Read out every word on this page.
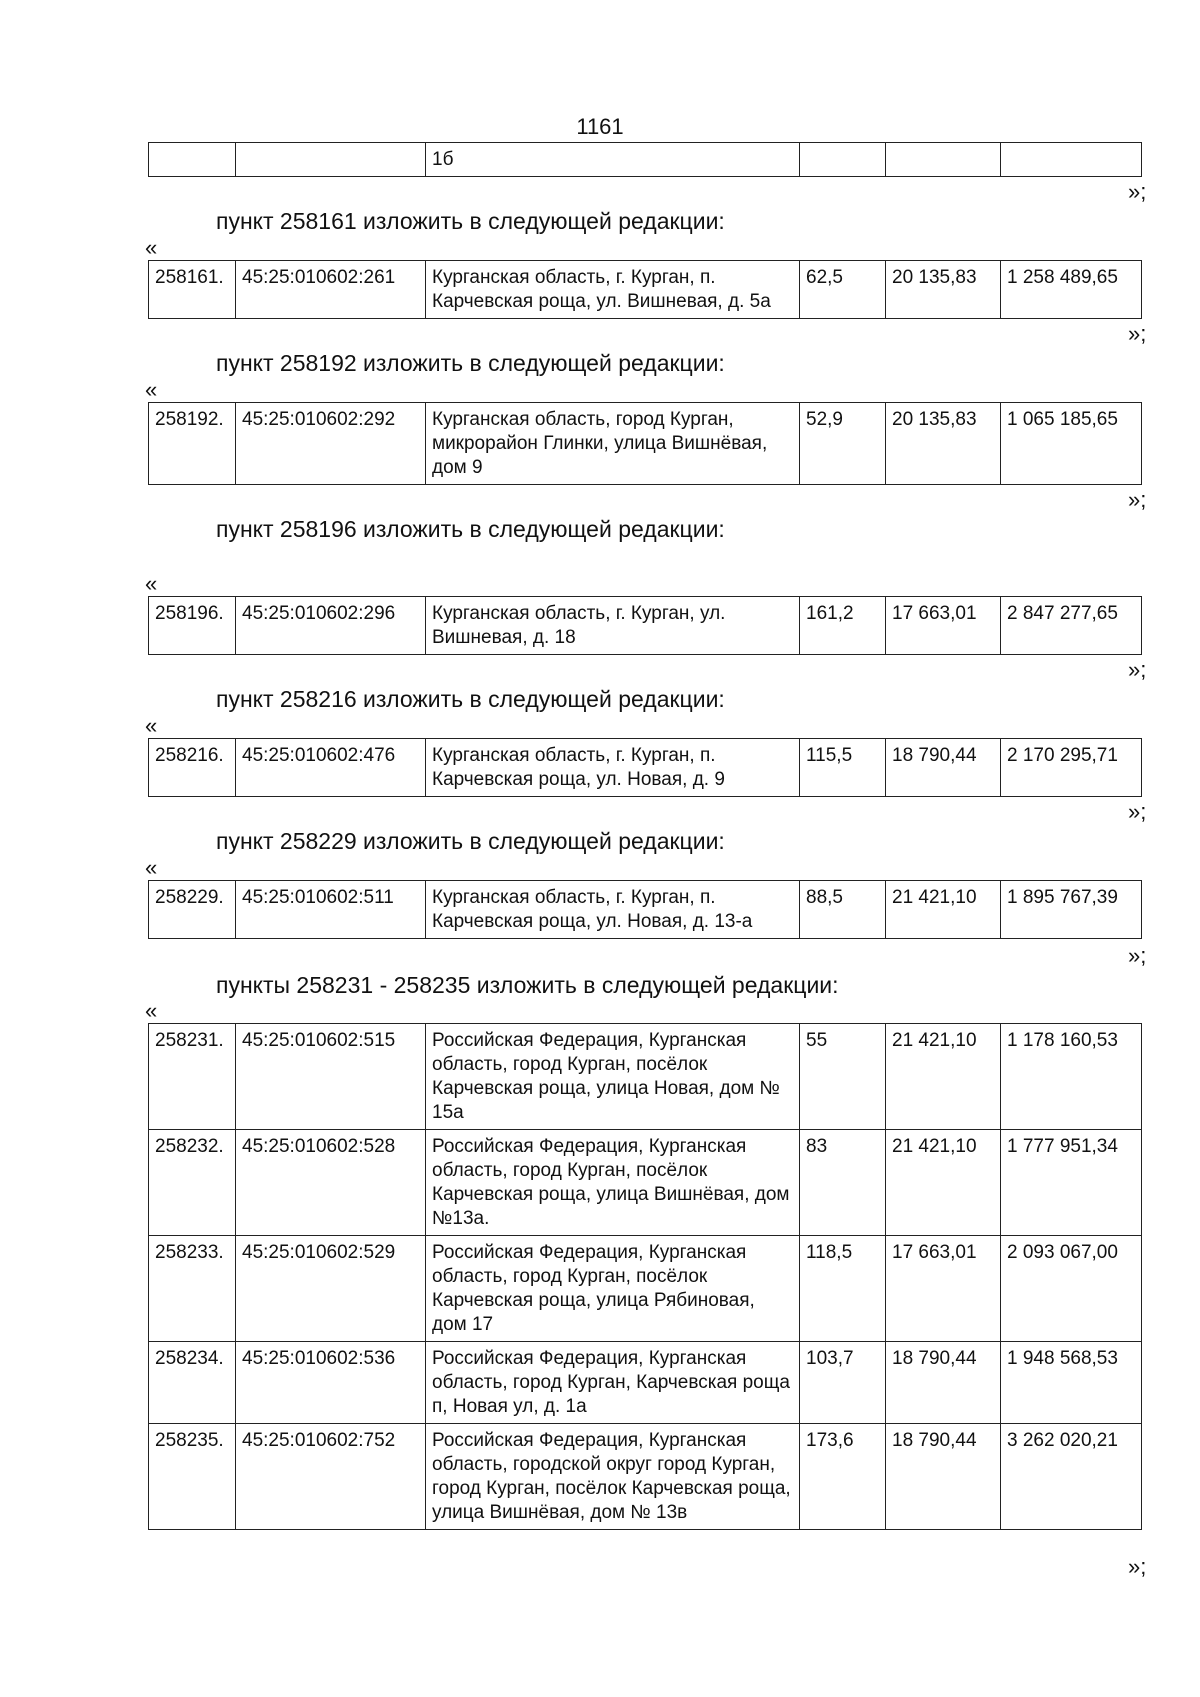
1161
		1б			
»;
пункт 258161 изложить в следующей редакции:
«
258161.	45:25:010602:261	Курганская область, г. Курган, п. Карчевская роща, ул. Вишневая, д. 5а	62,5	20 135,83	1 258 489,65
»;
пункт 258192 изложить в следующей редакции:
«
258192.	45:25:010602:292	Курганская область, город Курган, микрорайон Глинки, улица Вишнёвая, дом 9	52,9	20 135,83	1 065 185,65
»;
пункт 258196 изложить в следующей редакции:
«
258196.	45:25:010602:296	Курганская область, г. Курган, ул. Вишневая, д. 18	161,2	17 663,01	2 847 277,65
»;
пункт 258216 изложить в следующей редакции:
«
258216.	45:25:010602:476	Курганская область, г. Курган, п. Карчевская роща, ул. Новая, д. 9	115,5	18 790,44	2 170 295,71
»;
пункт 258229 изложить в следующей редакции:
«
258229.	45:25:010602:511	Курганская область, г. Курган, п. Карчевская роща, ул. Новая, д. 13-а	88,5	21 421,10	1 895 767,39
»;
пункты 258231 - 258235 изложить в следующей редакции:
«
258231.	45:25:010602:515	Российская Федерация, Курганская область, город Курган, посёлок Карчевская роща, улица Новая, дом № 15а	55	21 421,10	1 178 160,53
258232.	45:25:010602:528	Российская Федерация, Курганская область, город Курган, посёлок Карчевская роща, улица Вишнёвая, дом №13а.	83	21 421,10	1 777 951,34
258233.	45:25:010602:529	Российская Федерация, Курганская область, город Курган, посёлок Карчевская роща, улица Рябиновая, дом 17	118,5	17 663,01	2 093 067,00
258234.	45:25:010602:536	Российская Федерация, Курганская область, город Курган, Карчевская роща п, Новая ул, д. 1а	103,7	18 790,44	1 948 568,53
258235.	45:25:010602:752	Российская Федерация, Курганская область, городской округ город Курган, город Курган, посёлок Карчевская роща, улица Вишнёвая, дом № 13в	173,6	18 790,44	3 262 020,21
»;
